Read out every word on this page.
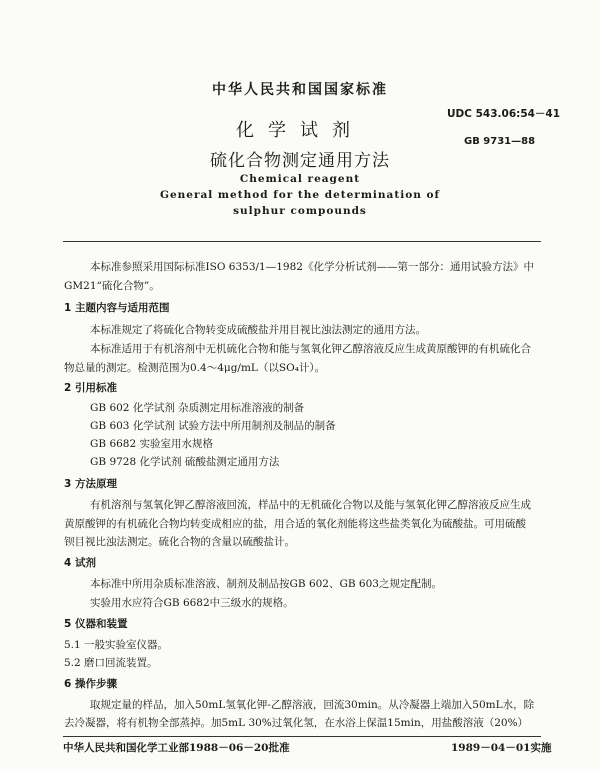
中华人民共和国国家标准
UDC 543.06:54－41
GB 9731—88
化学试剂
硫化合物测定通用方法
Chemical reagent
General method for the determination of
sulphur compounds
本标准参照采用国际标准ISO 6353/1—1982《化学分析试剂——第一部分：通用试验方法》中
GM21“硫化合物”。
1 主题内容与适用范围
本标准规定了将硫化合物转变成硫酸盐并用目视比浊法测定的通用方法。
本标准适用于有机溶剂中无机硫化合物和能与氢氧化钾乙醇溶液反应生成黄原酸钾的有机硫化合
物总量的测定。检测范围为0.4～4μg/mL（以SO₄计）。
2 引用标准
GB 602 化学试剂 杂质测定用标准溶液的制备
GB 603 化学试剂 试验方法中所用制剂及制品的制备
GB 6682 实验室用水规格
GB 9728 化学试剂 硫酸盐测定通用方法
3 方法原理
有机溶剂与氢氧化钾乙醇溶液回流，样品中的无机硫化合物以及能与氢氧化钾乙醇溶液反应生成
黄原酸钾的有机硫化合物均转变成相应的盐，用合适的氧化剂能将这些盐类氧化为硫酸盐。可用硫酸
钡目视比浊法测定。硫化合物的含量以硫酸盐计。
4 试剂
本标准中所用杂质标准溶液、制剂及制品按GB 602、GB 603之规定配制。
实验用水应符合GB 6682中三级水的规格。
5 仪器和装置
5.1 一般实验室仪器。
5.2 磨口回流装置。
6 操作步骤
取规定量的样品，加入50mL氢氧化钾-乙醇溶液，回流30min。从冷凝器上端加入50mL水，除
去冷凝器，将有机物全部蒸掉。加5mL 30%过氧化氢，在水浴上保温15min，用盐酸溶液（20%）
中华人民共和国化学工业部1988－06－20批准	1989－04－01实施
